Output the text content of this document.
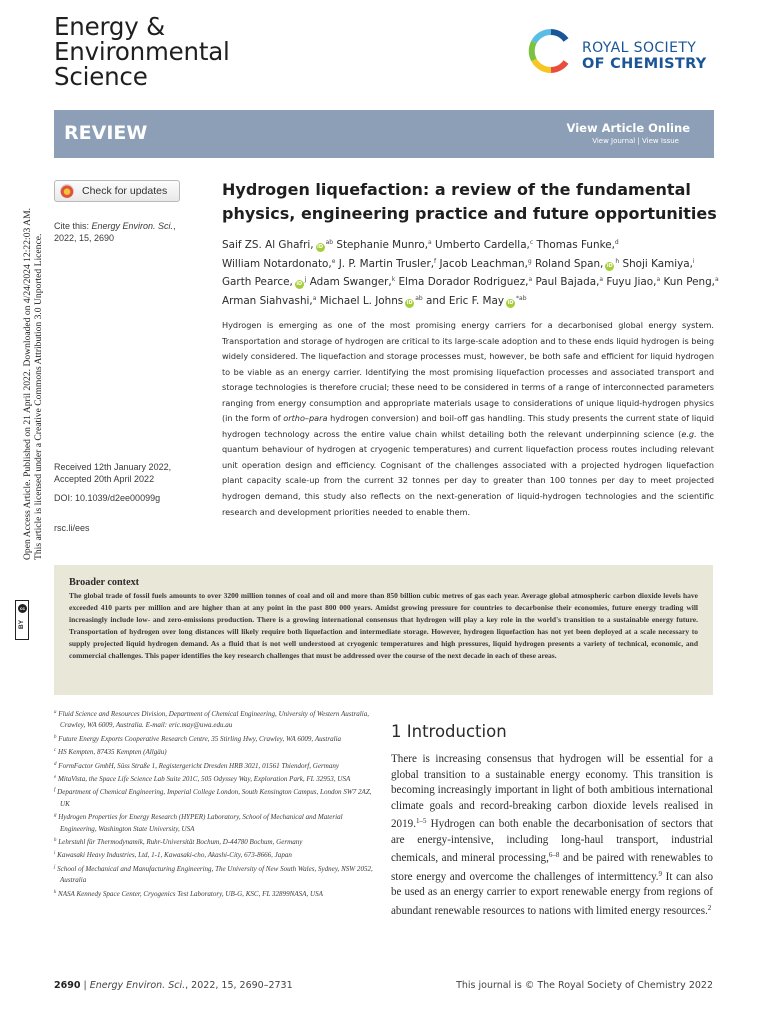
Energy &
Environmental
Science
ROYAL SOCIETY
OF CHEMISTRY
REVIEW	View Article Online
View Journal | View Issue
Check for updates
Cite this: Energy Environ. Sci., 2022, 15, 2690
Received 12th January 2022,
Accepted 20th April 2022
DOI: 10.1039/d2ee00099g
rsc.li/ees
Open Access Article. Published on 21 April 2022. Downloaded on 4/24/2024 12:22:03 AM. This article is licensed under a Creative Commons Attribution 3.0 Unported Licence.
cc
BY
Hydrogen liquefaction: a review of the fundamental physics, engineering practice and future opportunities
Saif ZS. Al Ghafri, $iD^{ab}$ Stephanie Munro,$^a$ Umberto Cardella,$^c$ Thomas Funke,$^d$ William Notardonato,$^e$ J. P. Martin Trusler,$^f$ Jacob Leachman,$^g$ Roland Span, $iD^h$ Shoji Kamiya,$^i$ Garth Pearce, $iD^j$ Adam Swanger,$^k$ Elma Dorador Rodriguez,$^a$ Paul Bajada,$^a$ Fuyu Jiao,$^a$ Kun Peng,$^a$ Arman Siahvashi,$^a$ Michael L. Johns $iD^{ab}$ and Eric F. May $iD^{*ab}$
Hydrogen is emerging as one of the most promising energy carriers for a decarbonised global energy system. Transportation and storage of hydrogen are critical to its large-scale adoption and to these ends liquid hydrogen is being widely considered. The liquefaction and storage processes must, however, be both safe and efficient for liquid hydrogen to be viable as an energy carrier. Identifying the most promising liquefaction processes and associated transport and storage technologies is therefore crucial; these need to be considered in terms of a range of interconnected parameters ranging from energy consumption and appropriate materials usage to considerations of unique liquid-hydrogen physics (in the form of ortho–para hydrogen conversion) and boil-off gas handling. This study presents the current state of liquid hydrogen technology across the entire value chain whilst detailing both the relevant underpinning science (e.g. the quantum behaviour of hydrogen at cryogenic temperatures) and current liquefaction process routes including relevant unit operation design and efficiency. Cognisant of the challenges associated with a projected hydrogen liquefaction plant capacity scale-up from the current 32 tonnes per day to greater than 100 tonnes per day to meet projected hydrogen demand, this study also reflects on the next-generation of liquid-hydrogen technologies and the scientific research and development priorities needed to enable them.
Broader context
The global trade of fossil fuels amounts to over 3200 million tonnes of coal and oil and more than 850 billion cubic metres of gas each year. Average global atmospheric carbon dioxide levels have exceeded 410 parts per million and are higher than at any point in the past 800 000 years. Amidst growing pressure for countries to decarbonise their economies, future energy trading will increasingly include low- and zero-emissions production. There is a growing international consensus that hydrogen will play a key role in the world's transition to a sustainable energy future. Transportation of hydrogen over long distances will likely require both liquefaction and intermediate storage. However, hydrogen liquefaction has not yet been deployed at a scale necessary to supply projected liquid hydrogen demand. As a fluid that is not well understood at cryogenic temperatures and high pressures, liquid hydrogen presents a variety of technical, economic, and commercial challenges. This paper identifies the key research challenges that must be addressed over the course of the next decade in each of these areas.
$^a$ Fluid Science and Resources Division, Department of Chemical Engineering, University of Western Australia, Crawley, WA 6009, Australia. E-mail: eric.may@uwa.edu.au
$^b$ Future Energy Exports Cooperative Research Centre, 35 Stirling Hwy, Crawley, WA 6009, Australia
$^c$ HS Kempten, 87435 Kempten (Allgäu)
$^d$ FormFactor GmbH, Süss Straße 1, Registergericht Dresden HRB 3021, 01561 Thiendorf, Germany
$^e$ MitaVista, the Space Life Science Lab Suite 201C, 505 Odyssey Way, Exploration Park, FL 32953, USA
$^f$ Department of Chemical Engineering, Imperial College London, South Kensington Campus, London SW7 2AZ, UK
$^g$ Hydrogen Properties for Energy Research (HYPER) Laboratory, School of Mechanical and Material Engineering, Washington State University, USA
$^h$ Lehrstuhl für Thermodynamik, Ruhr-Universität Bochum, D-44780 Bochum, Germany
$^i$ Kawasaki Heavy Industries, Ltd, 1-1, Kawasaki-cho, Akashi-City, 673-8666, Japan
$^j$ School of Mechanical and Manufacturing Engineering, The University of New South Wales, Sydney, NSW 2052, Australia
$^k$ NASA Kennedy Space Center, Cryogenics Test Laboratory, UB-G, KSC, FL 32899NASA, USA
1 Introduction
There is increasing consensus that hydrogen will be essential for a global transition to a sustainable energy economy. This transition is becoming increasingly important in light of both ambitious international climate goals and record-breaking carbon dioxide levels realised in 2019.$^{1-5}$ Hydrogen can both enable the decarbonisation of sectors that are energy-intensive, including long-haul transport, industrial chemicals, and mineral processing,$^{6-8}$ and be paired with renewables to store energy and overcome the challenges of intermittency.$^9$ It can also be used as an energy carrier to export renewable energy from regions of abundant renewable resources to nations with limited energy resources.$^2$
2690 | Energy Environ. Sci., 2022, 15, 2690–2731	This journal is © The Royal Society of Chemistry 2022
